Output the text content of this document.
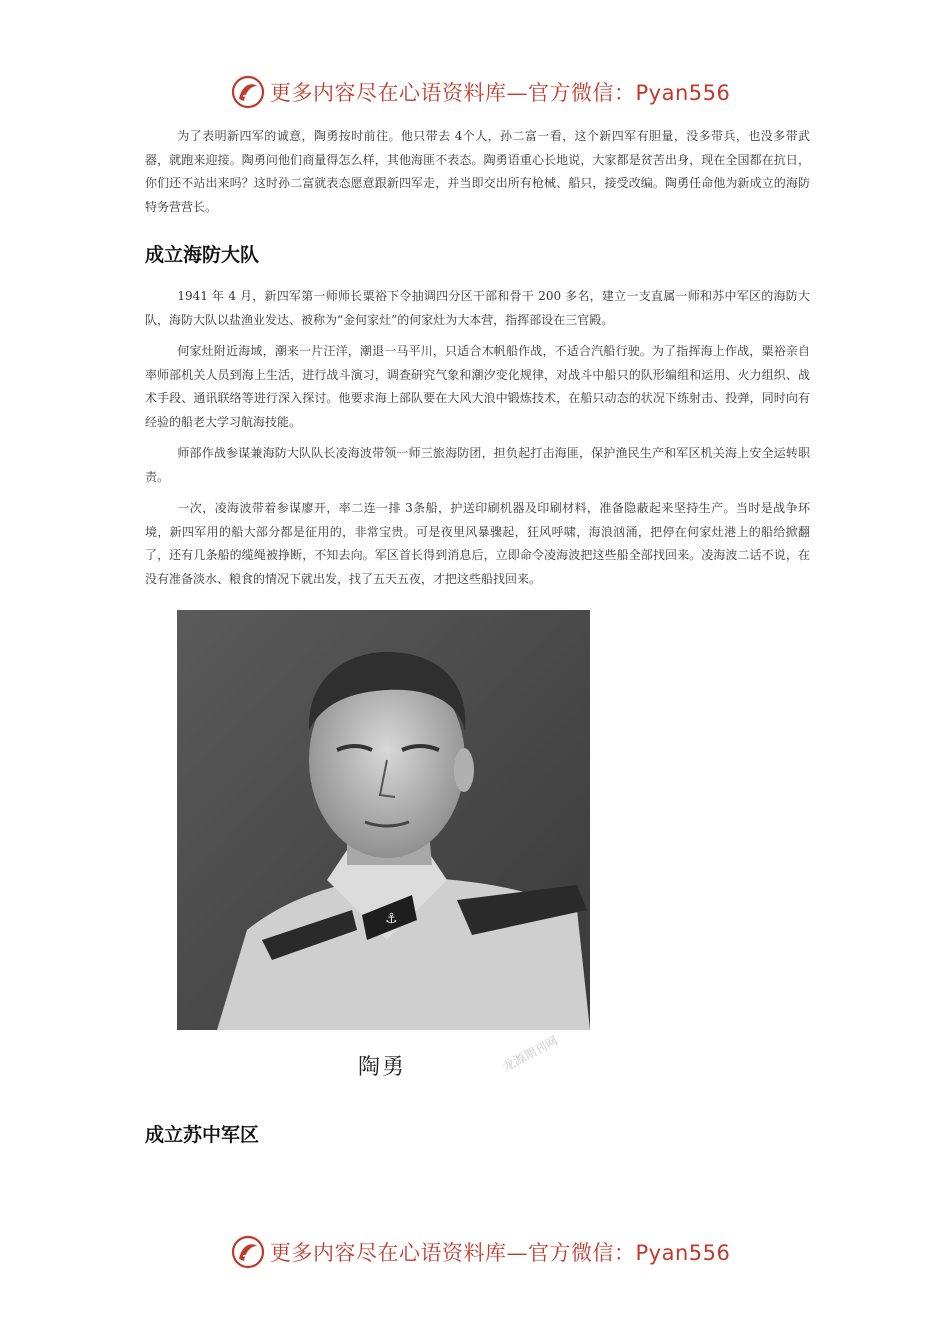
更多内容尽在心语资料库—官方微信：Pyan556

为了表明新四军的诚意，陶勇按时前往。他只带去 4个人，孙二富一看，这个新四军有胆量，没多带兵，也没多带武器，就跑来迎接。陶勇问他们商量得怎么样，其他海匪不表态。陶勇语重心长地说，大家都是贫苦出身，现在全国都在抗日，你们还不站出来吗？这时孙二富就表态愿意跟新四军走，并当即交出所有枪械、船只，接受改编。陶勇任命他为新成立的海防特务营营长。

成立海防大队

1941 年 4 月，新四军第一师师长粟裕下令抽调四分区干部和骨干 200 多名，建立一支直属一师和苏中军区的海防大队，海防大队以盐渔业发达、被称为“金何家灶”的何家灶为大本营，指挥部设在三官殿。

何家灶附近海域，潮来一片汪洋，潮退一马平川，只适合木帆船作战，不适合汽船行驶。为了指挥海上作战，粟裕亲自率师部机关人员到海上生活，进行战斗演习，调查研究气象和潮汐变化规律，对战斗中船只的队形编组和运用、火力组织、战术手段、通讯联络等进行深入探讨。他要求海上部队要在大风大浪中锻炼技术，在船只动态的状况下练射击、投弹，同时向有经验的船老大学习航海技能。

师部作战参谋兼海防大队队长凌海波带领一师三旅海防团，担负起打击海匪，保护渔民生产和军区机关海上安全运转职责。

一次，凌海波带着参谋廖开，率二连一排 3条船，护送印刷机器及印刷材料，准备隐蔽起来坚持生产。当时是战争环境，新四军用的船大部分都是征用的，非常宝贵。可是夜里风暴骤起，狂风呼啸，海浪汹涌，把停在何家灶港上的船给掀翻了，还有几条船的缆绳被挣断，不知去向。军区首长得到消息后，立即命令凌海波把这些船全部找回来。凌海波二话不说，在没有准备淡水、粮食的情况下就出发，找了五天五夜，才把这些船找回来。

⚓
陶勇	龙源期刊网
成立苏中军区
更多内容尽在心语资料库—官方微信：Pyan556
